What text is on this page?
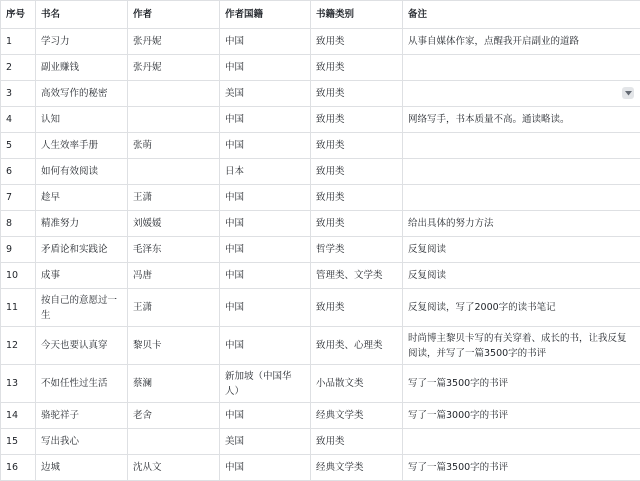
序号	书名	作者	作者国籍	书籍类别	备注
1	学习力	张丹妮	中国	致用类	从事自媒体作家，点醒我开启副业的道路
2	副业赚钱	张丹妮	中国	致用类	
3	高效写作的秘密		美国	致用类	

4	认知		中国	致用类	网络写手，书本质量不高。通读略读。
5	人生效率手册	张萌	中国	致用类	
6	如何有效阅读		日本	致用类	
7	趁早	王潇	中国	致用类	
8	精准努力	刘媛媛	中国	致用类	给出具体的努力方法
9	矛盾论和实践论	毛泽东	中国	哲学类	反复阅读
10	成事	冯唐	中国	管理类、文学类	反复阅读
11	按自己的意愿过一生	王潇	中国	致用类	反复阅读，写了2000字的读书笔记
12	今天也要认真穿	黎贝卡	中国	致用类、心理类	时尚博主黎贝卡写的有关穿着、成长的书，让我反复阅读，并写了一篇3500字的书评
13	不如任性过生活	蔡澜	新加坡（中国华人）	小品散文类	写了一篇3500字的书评
14	骆驼祥子	老舍	中国	经典文学类	写了一篇3000字的书评
15	写出我心		美国	致用类	
16	边城	沈从文	中国	经典文学类	写了一篇3500字的书评
